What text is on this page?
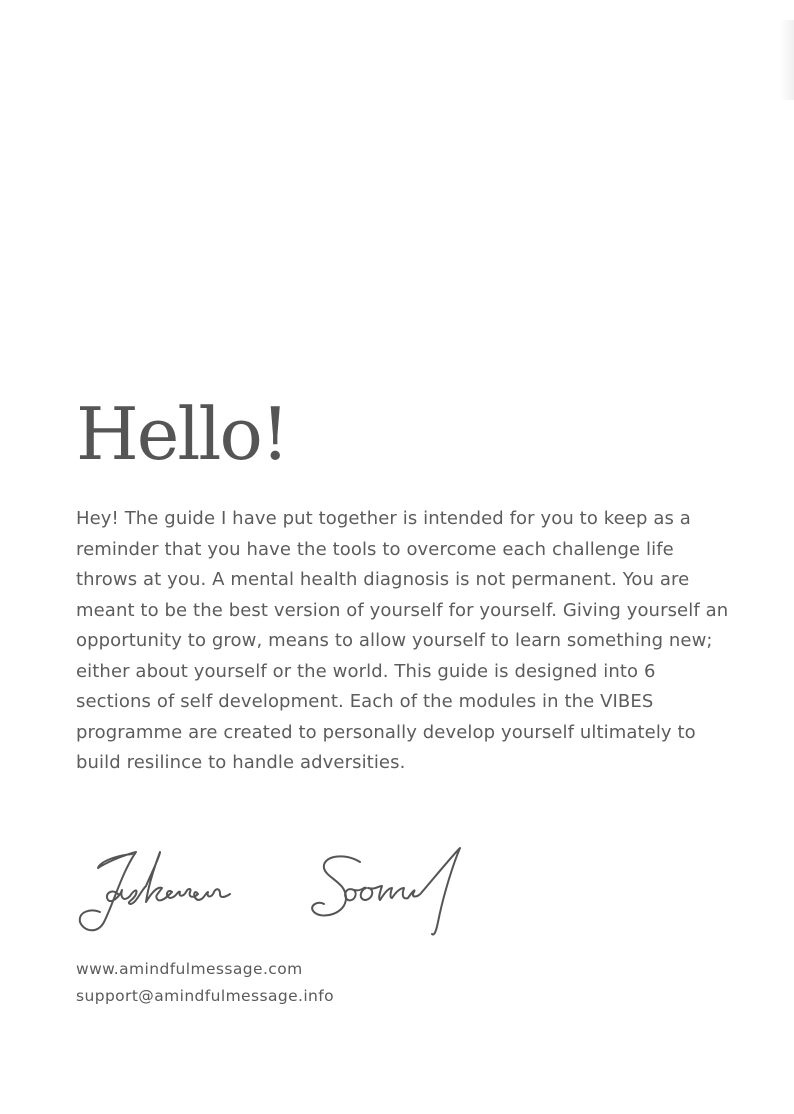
Hello!

Hey! The guide I have put together is intended for you to keep as a reminder that you have the tools to overcome each challenge life throws at you. A mental health diagnosis is not permanent. You are meant to be the best version of yourself for yourself. Giving yourself an opportunity to grow, means to allow yourself to learn something new; either about yourself or the world. This guide is designed into 6 sections of self development. Each of the modules in the VIBES programme are created to personally develop yourself ultimately to build resilince to handle adversities.

www.amindfulmessage.com
support@amindfulmessage.info
